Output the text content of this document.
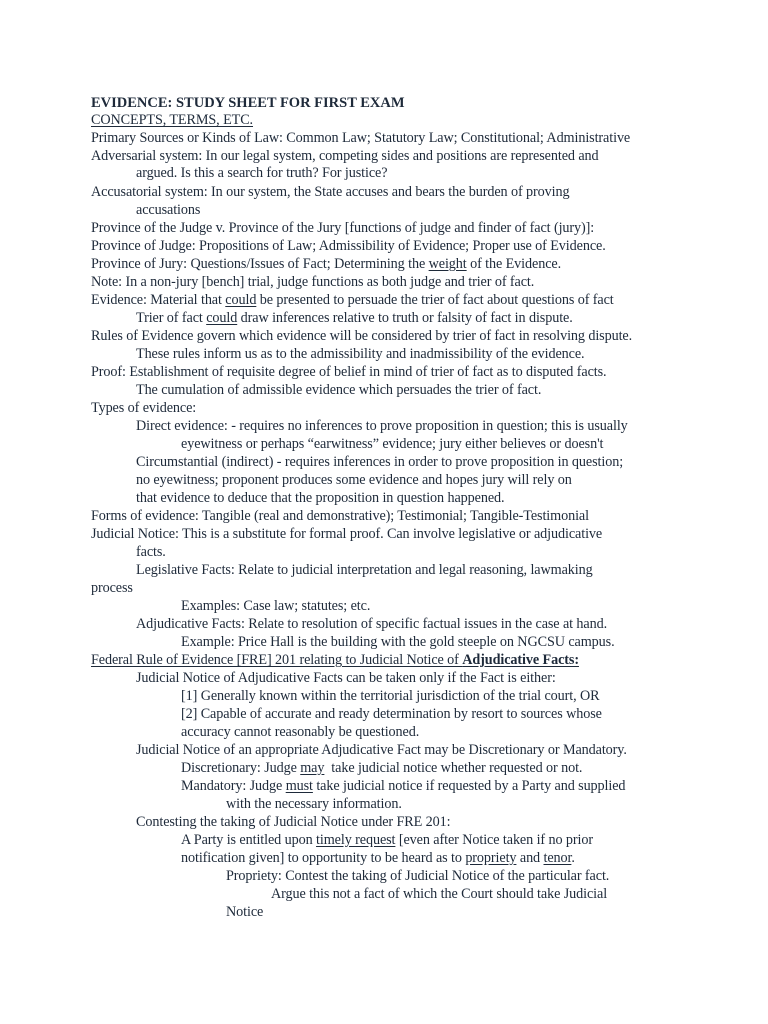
EVIDENCE: STUDY SHEET FOR FIRST EXAM
CONCEPTS, TERMS, ETC.
Primary Sources or Kinds of Law: Common Law; Statutory Law; Constitutional; Administrative
Adversarial system: In our legal system, competing sides and positions are represented and
argued. Is this a search for truth? For justice?
Accusatorial system: In our system, the State accuses and bears the burden of proving
accusations
Province of the Judge v. Province of the Jury [functions of judge and finder of fact (jury)]:
Province of Judge: Propositions of Law; Admissibility of Evidence; Proper use of Evidence.
Province of Jury: Questions/Issues of Fact; Determining the weight of the Evidence.
Note: In a non-jury [bench] trial, judge functions as both judge and trier of fact.
Evidence: Material that could be presented to persuade the trier of fact about questions of fact
Trier of fact could draw inferences relative to truth or falsity of fact in dispute.
Rules of Evidence govern which evidence will be considered by trier of fact in resolving dispute.
These rules inform us as to the admissibility and inadmissibility of the evidence.
Proof: Establishment of requisite degree of belief in mind of trier of fact as to disputed facts.
The cumulation of admissible evidence which persuades the trier of fact.
Types of evidence:
Direct evidence: - requires no inferences to prove proposition in question; this is usually
eyewitness or perhaps “earwitness” evidence; jury either believes or doesn't
Circumstantial (indirect) - requires inferences in order to prove proposition in question;
no eyewitness; proponent produces some evidence and hopes jury will rely on
that evidence to deduce that the proposition in question happened.
Forms of evidence: Tangible (real and demonstrative); Testimonial; Tangible-Testimonial
Judicial Notice: This is a substitute for formal proof. Can involve legislative or adjudicative
facts.
Legislative Facts: Relate to judicial interpretation and legal reasoning, lawmaking
process
Examples: Case law; statutes; etc.
Adjudicative Facts: Relate to resolution of specific factual issues in the case at hand.
Example: Price Hall is the building with the gold steeple on NGCSU campus.
Federal Rule of Evidence [FRE] 201 relating to Judicial Notice of Adjudicative Facts:
Judicial Notice of Adjudicative Facts can be taken only if the Fact is either:
[1] Generally known within the territorial jurisdiction of the trial court, OR
[2] Capable of accurate and ready determination by resort to sources whose
accuracy cannot reasonably be questioned.
Judicial Notice of an appropriate Adjudicative Fact may be Discretionary or Mandatory.
Discretionary: Judge may  take judicial notice whether requested or not.
Mandatory: Judge must take judicial notice if requested by a Party and supplied
with the necessary information.
Contesting the taking of Judicial Notice under FRE 201:
A Party is entitled upon timely request [even after Notice taken if no prior
notification given] to opportunity to be heard as to propriety and tenor.
Propriety: Contest the taking of Judicial Notice of the particular fact.
Argue this not a fact of which the Court should take Judicial
Notice
